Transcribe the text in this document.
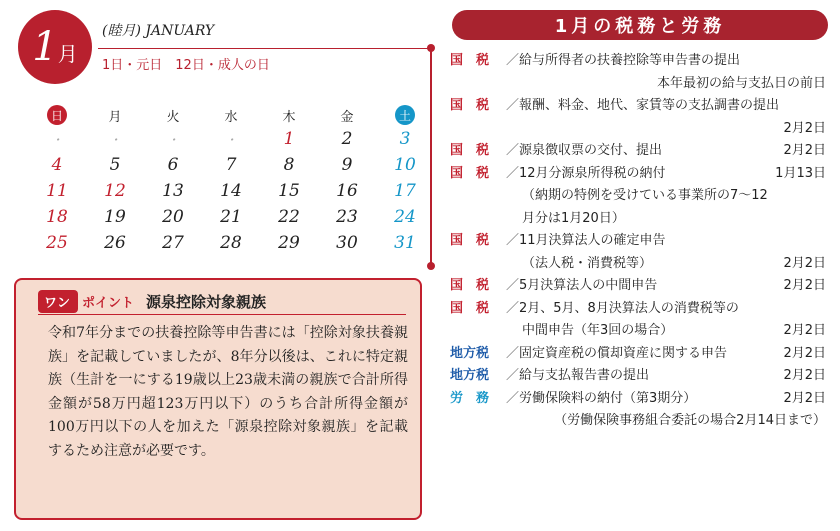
1 月
(睦月) JANUARY
1日・元日　12日・成人の日
日	月	火	水	木	金	土
・	・	・	・	1	2	3
4	5	6	7	8	9	10
11	12	13	14	15	16	17
18	19	20	21	22	23	24
25	26	27	28	29	30	31
ワン ポイント 源泉控除対象親族
令和7年分までの扶養控除等申告書には「控除対象扶養親族」を記載していましたが、8年分以後は、これに特定親族（生計を一にする19歳以上23歳未満の親族で合計所得金額が58万円超123万円以下）のうち合計所得金額が100万円以下の人を加えた「源泉控除対象親族」を記載するため注意が必要です。
1月の税務と労務
国　税 ／給与所得者の扶養控除等申告書の提出
本年最初の給与支払日の前日
国　税 ／報酬、料金、地代、家賃等の支払調書の提出
2月2日
国　税 ／源泉徴収票の交付、提出	2月2日
国　税 ／12月分源泉所得税の納付	1月13日
（納期の特例を受けている事業所の7～12
月分は1月20日）
国　税 ／11月決算法人の確定申告
（法人税・消費税等）	2月2日
国　税 ／5月決算法人の中間申告	2月2日
国　税 ／2月、5月、8月決算法人の消費税等の
中間申告（年3回の場合）	2月2日
地方税 ／固定資産税の償却資産に関する申告	2月2日
地方税 ／給与支払報告書の提出	2月2日
労　務 ／労働保険料の納付（第3期分）	2月2日
（労働保険事務組合委託の場合2月14日まで）
